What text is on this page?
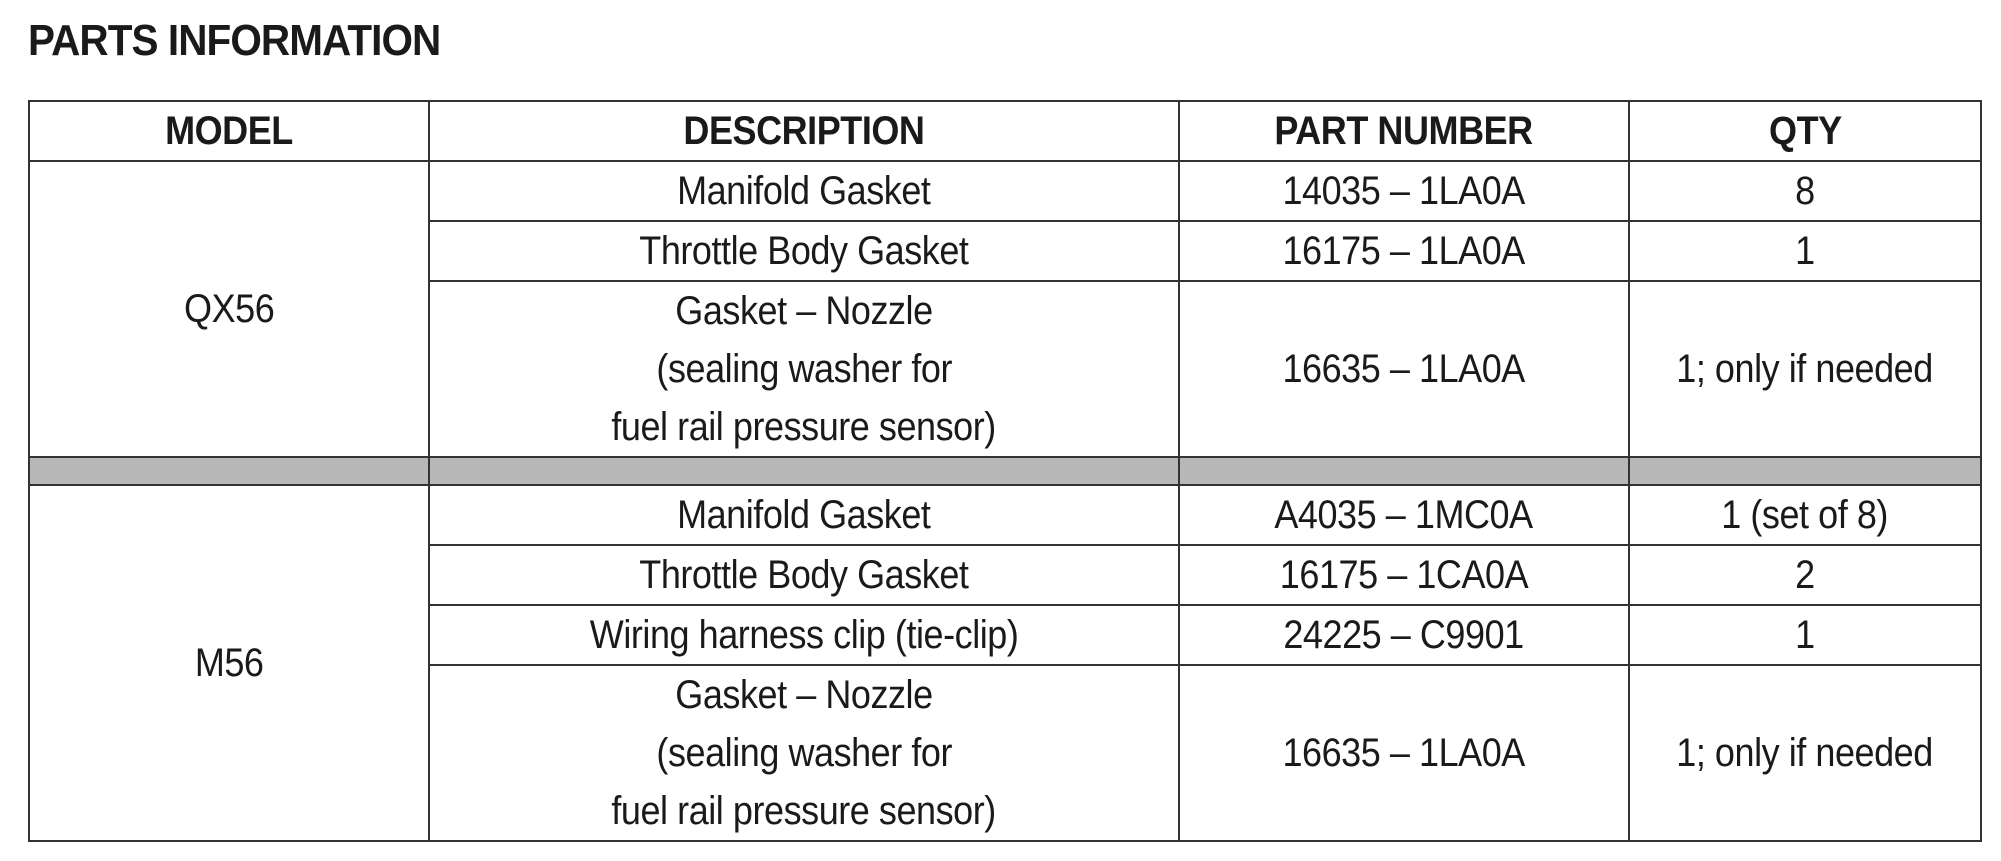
PARTS INFORMATION
MODEL	DESCRIPTION	PART NUMBER	QTY
QX56	Manifold Gasket	14035 – 1LA0A	8
	Throttle Body Gasket	16175 – 1LA0A	1

	Gasket – Nozzle
(sealing washer for
fuel rail pressure sensor)	16635 – 1LA0A	1; only if needed

M56	Manifold Gasket	A4035 – 1MC0A	1 (set of 8)
	Throttle Body Gasket	16175 – 1CA0A	2
	Wiring harness clip (tie-clip)	24225 – C9901	1

	Gasket – Nozzle
(sealing washer for
fuel rail pressure sensor)	16635 – 1LA0A	1; only if needed
